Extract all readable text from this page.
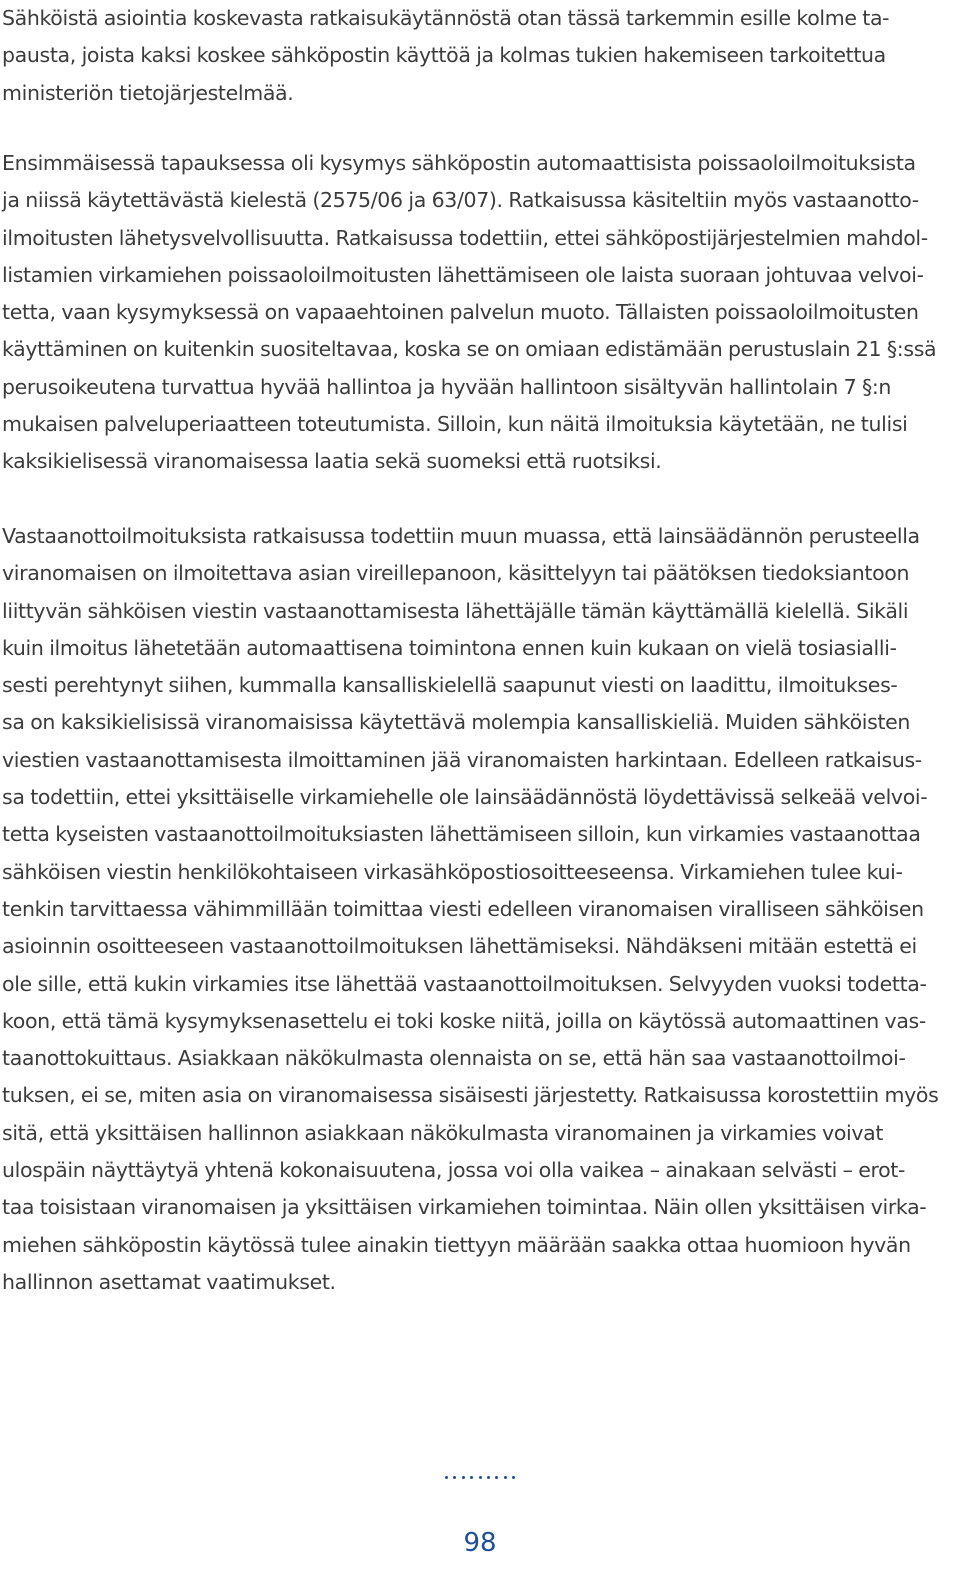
Sähköistä asiointia koskevasta ratkaisukäytännöstä otan tässä tarkemmin esille kolme ta-
pausta, joista kaksi koskee sähköpostin käyttöä ja kolmas tukien hakemiseen tarkoitettua
ministeriön tietojärjestelmää.
Ensimmäisessä tapauksessa oli kysymys sähköpostin automaattisista poissaoloilmoituksista
ja niissä käytettävästä kielestä (2575/06 ja 63/07). Ratkaisussa käsiteltiin myös vastaanotto-
ilmoitusten lähetysvelvollisuutta. Ratkaisussa todettiin, ettei sähköpostijärjestelmien mahdol-
listamien virkamiehen poissaoloilmoitusten lähettämiseen ole laista suoraan johtuvaa velvoi-
tetta, vaan kysymyksessä on vapaaehtoinen palvelun muoto. Tällaisten poissaoloilmoitusten
käyttäminen on kuitenkin suositeltavaa, koska se on omiaan edistämään perustuslain 21 §:ssä
perusoikeutena turvattua hyvää hallintoa ja hyvään hallintoon sisältyvän hallintolain 7 §:n
mukaisen palveluperiaatteen toteutumista. Silloin, kun näitä ilmoituksia käytetään, ne tulisi
kaksikielisessä viranomaisessa laatia sekä suomeksi että ruotsiksi.
Vastaanottoilmoituksista ratkaisussa todettiin muun muassa, että lainsäädännön perusteella
viranomaisen on ilmoitettava asian vireillepanoon, käsittelyyn tai päätöksen tiedoksiantoon
liittyvän sähköisen viestin vastaanottamisesta lähettäjälle tämän käyttämällä kielellä. Sikäli
kuin ilmoitus lähetetään automaattisena toimintona ennen kuin kukaan on vielä tosiasialli-
sesti perehtynyt siihen, kummalla kansalliskielellä saapunut viesti on laadittu, ilmoitukses-
sa on kaksikielisissä viranomaisissa käytettävä molempia kansalliskieliä. Muiden sähköisten
viestien vastaanottamisesta ilmoittaminen jää viranomaisten harkintaan. Edelleen ratkaisus-
sa todettiin, ettei yksittäiselle virkamiehelle ole lainsäädännöstä löydettävissä selkeää velvoi-
tetta kyseisten vastaanottoilmoituksiasten lähettämiseen silloin, kun virkamies vastaanottaa
sähköisen viestin henkilökohtaiseen virkasähköpostiosoitteeseensa. Virkamiehen tulee kui-
tenkin tarvittaessa vähimmillään toimittaa viesti edelleen viranomaisen viralliseen sähköisen
asioinnin osoitteeseen vastaanottoilmoituksen lähettämiseksi. Nähdäkseni mitään estettä ei
ole sille, että kukin virkamies itse lähettää vastaanottoilmoituksen. Selvyyden vuoksi todetta-
koon, että tämä kysymyksenasettelu ei toki koske niitä, joilla on käytössä automaattinen vas-
taanottokuittaus. Asiakkaan näkökulmasta olennaista on se, että hän saa vastaanottoilmoi-
tuksen, ei se, miten asia on viranomaisessa sisäisesti järjestetty. Ratkaisussa korostettiin myös
sitä, että yksittäisen hallinnon asiakkaan näkökulmasta viranomainen ja virkamies voivat
ulospäin näyttäytyä yhtenä kokonaisuutena, jossa voi olla vaikea – ainakaan selvästi – erot-
taa toisistaan viranomaisen ja yksittäisen virkamiehen toimintaa. Näin ollen yksittäisen virka-
miehen sähköpostin käytössä tulee ainakin tiettyyn määrään saakka ottaa huomioon hyvän
hallinnon asettamat vaatimukset.
98
